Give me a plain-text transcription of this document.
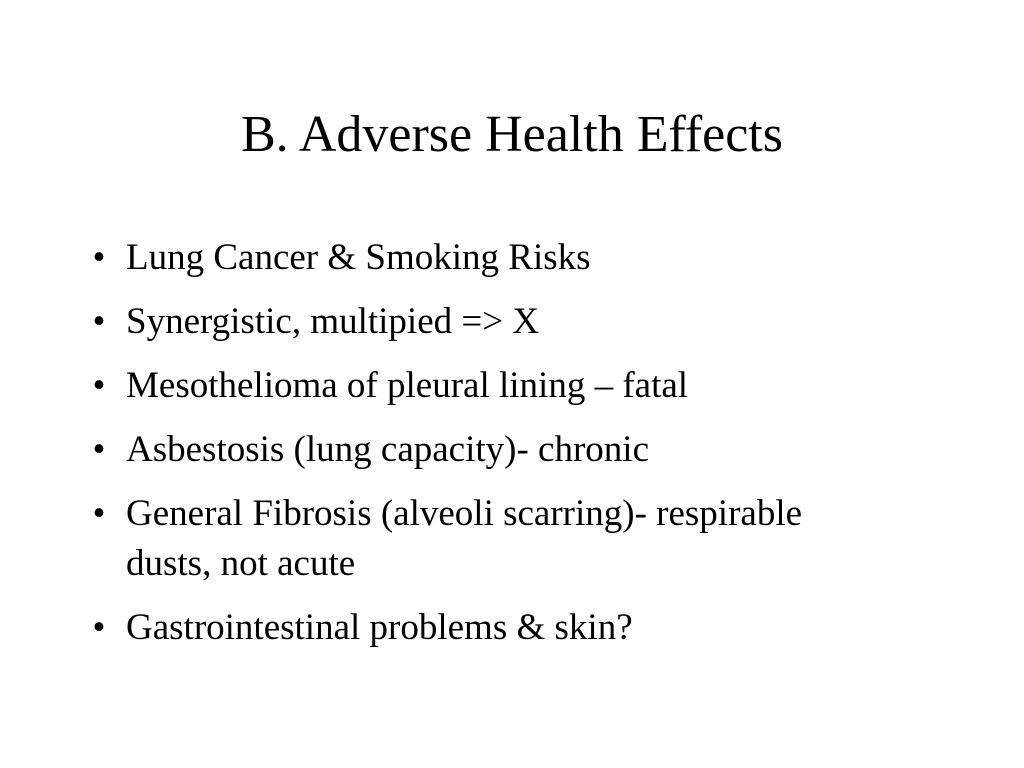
B. Adverse Health Effects
• Lung Cancer & Smoking Risks
• Synergistic, multipied => X
• Mesothelioma of pleural lining – fatal
• Asbestosis (lung capacity)- chronic
• General Fibrosis (alveoli scarring)- respirable dusts, not acute
• Gastrointestinal problems & skin?
